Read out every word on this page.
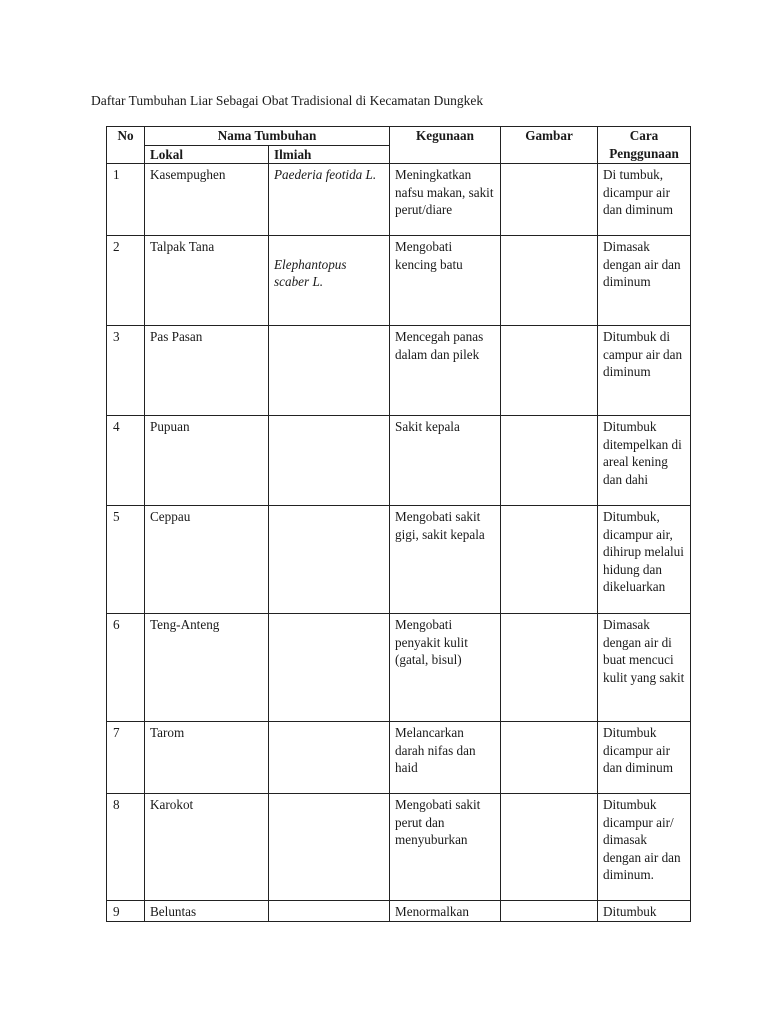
Daftar Tumbuhan Liar Sebagai Obat Tradisional di Kecamatan Dungkek
No	Nama Tumbuhan		Kegunaan	Gambar	Cara Penggunaan
	Lokal	Ilmiah			
1	Kasempughen	Paederia feotida L.	Meningkatkan nafsu makan, sakit perut/diare		Di tumbuk, dicampur air dan diminum
2	Talpak Tana	Elephantopus scaber L.	Mengobati kencing batu		Dimasak dengan air dan diminum
3	Pas Pasan		Mencegah panas dalam dan pilek		Ditumbuk di campur air dan diminum
4	Pupuan		Sakit kepala		Ditumbuk ditempelkan di areal kening dan dahi
5	Ceppau		Mengobati sakit gigi, sakit kepala		Ditumbuk, dicampur air, dihirup melalui hidung dan dikeluarkan
6	Teng-Anteng		Mengobati penyakit kulit (gatal, bisul)		Dimasak dengan air di buat mencuci kulit yang sakit
7	Tarom		Melancarkan darah nifas dan haid		Ditumbuk dicampur air dan diminum
8	Karokot		Mengobati sakit perut dan menyuburkan		Ditumbuk dicampur air/ dimasak dengan air dan diminum.
9	Beluntas		Menormalkan		Ditumbuk
